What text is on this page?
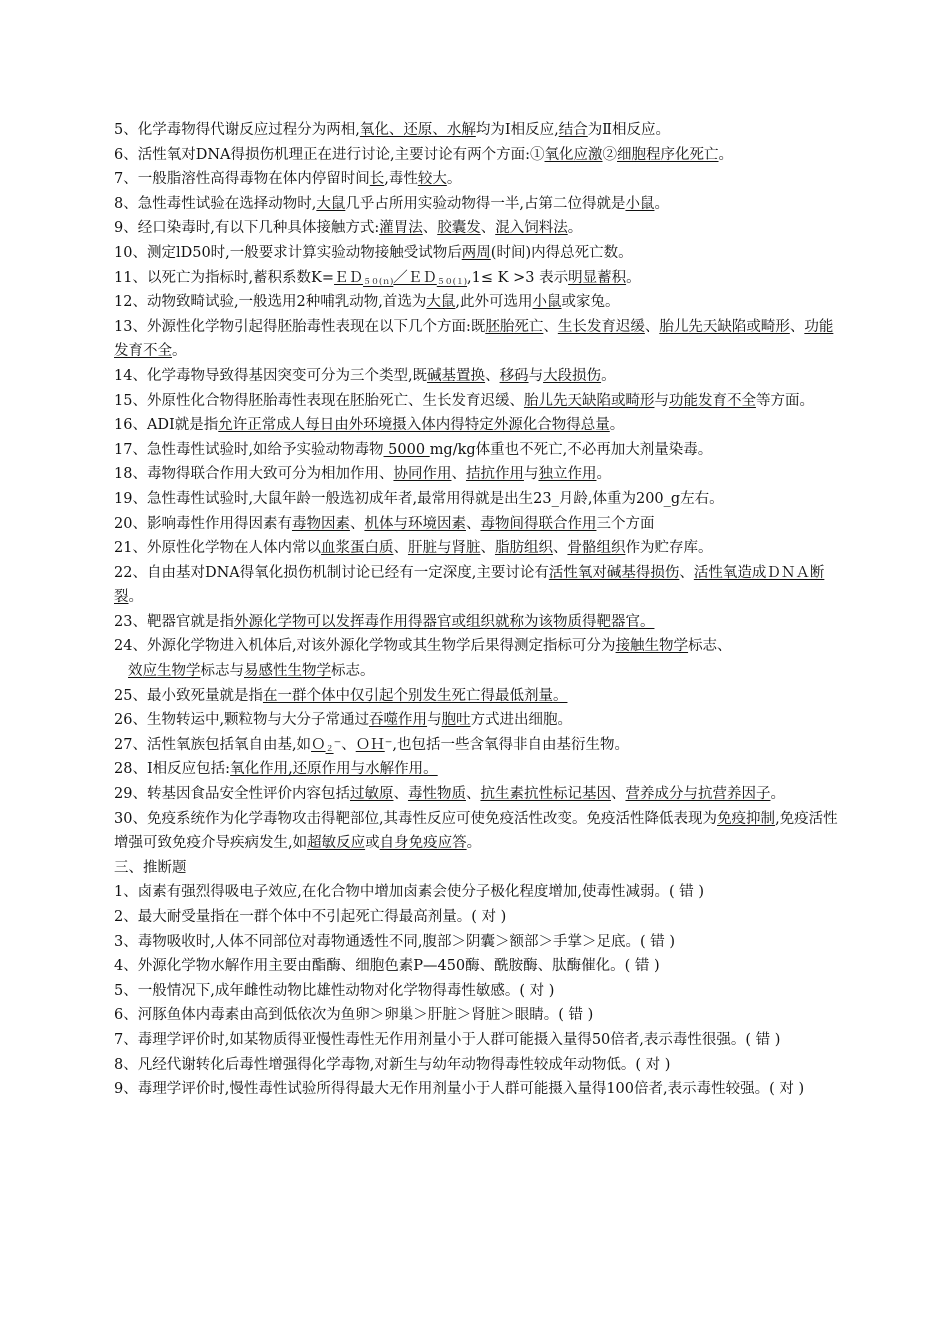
5、化学毒物得代谢反应过程分为两相,氧化、还原、水解均为Ⅰ相反应,结合为Ⅱ相反应。
6、活性氧对DNA得损伤机理正在进行讨论,主要讨论有两个方面:①氧化应激②细胞程序化死亡。
7、一般脂溶性高得毒物在体内停留时间长,毒性较大。
8、急性毒性试验在选择动物时,大鼠几乎占所用实验动物得一半,占第二位得就是小鼠。
9、经口染毒时,有以下几种具体接触方式:灌胃法、胶囊发、混入饲料法。
10、测定lD50时,一般要求计算实验动物接触受试物后两周(时间)内得总死亡数。
11、以死亡为指标时,蓄积系数K=ＥＤ$_{50(n)}$／ＥＤ$_{50(1)}$,1≤ K >3 表示明显蓄积。
12、动物致畸试验,一般选用2种哺乳动物,首选为大鼠,此外可选用小鼠或家兔。
13、外源性化学物引起得胚胎毒性表现在以下几个方面:既胚胎死亡、生长发育迟缓、胎儿先天缺陷或畸形、功能发育不全。
14、化学毒物导致得基因突变可分为三个类型,既碱基置换、移码与大段损伤。
15、外原性化合物得胚胎毒性表现在胚胎死亡、生长发育迟缓、胎儿先天缺陷或畸形与功能发育不全等方面。
16、ADI就是指允许正常成人每日由外环境摄入体内得特定外源化合物得总量。
17、急性毒性试验时,如给予实验动物毒物 5000 mg/kg体重也不死亡,不必再加大剂量染毒。
18、毒物得联合作用大致可分为相加作用、协同作用、拮抗作用与独立作用。
19、急性毒性试验时,大鼠年龄一般选初成年者,最常用得就是出生23_月龄,体重为200_g左右。
20、影响毒性作用得因素有毒物因素、机体与环境因素、毒物间得联合作用三个方面
21、外原性化学物在人体内常以血浆蛋白质、肝脏与肾脏、脂肪组织、骨骼组织作为贮存库。
22、自由基对DNA得氧化损伤机制讨论已经有一定深度,主要讨论有活性氧对碱基得损伤、活性氧造成ＤＮＡ断裂。
23、靶器官就是指外源化学物可以发挥毒作用得器官或组织就称为该物质得靶器官。
24、外源化学物进入机体后,对该外源化学物或其生物学后果得测定指标可分为接触生物学标志、
效应生物学标志与易感性生物学标志。
25、最小致死量就是指在一群个体中仅引起个别发生死亡得最低剂量。
26、生物转运中,颗粒物与大分子常通过吞噬作用与胞吐方式进出细胞。
27、活性氧族包括氧自由基,如Ｏ$_2$⁻、ＯＨ⁻,也包括一些含氧得非自由基衍生物。
28、Ⅰ相反应包括:氧化作用,还原作用与水解作用。
29、转基因食品安全性评价内容包括过敏原、毒性物质、抗生素抗性标记基因、营养成分与抗营养因子。
30、免疫系统作为化学毒物攻击得靶部位,其毒性反应可使免疫活性改变。免疫活性降低表现为免疫抑制,免疫活性增强可致免疫介导疾病发生,如超敏反应或自身免疫应答。
三、推断题
1、卤素有强烈得吸电子效应,在化合物中增加卤素会使分子极化程度增加,使毒性减弱。( 错 )
2、最大耐受量指在一群个体中不引起死亡得最高剂量。( 对 )
3、毒物吸收时,人体不同部位对毒物通透性不同,腹部＞阴囊＞额部＞手掌＞足底。( 错 )
4、外源化学物水解作用主要由酯酶、细胞色素P—450酶、酰胺酶、肽酶催化。( 错 )
5、一般情况下,成年雌性动物比雄性动物对化学物得毒性敏感。( 对 )
6、河豚鱼体内毒素由高到低依次为鱼卵＞卵巢＞肝脏＞肾脏＞眼睛。( 错 )
7、毒理学评价时,如某物质得亚慢性毒性无作用剂量小于人群可能摄入量得50倍者,表示毒性很强。( 错 )
8、凡经代谢转化后毒性增强得化学毒物,对新生与幼年动物得毒性较成年动物低。( 对 )
9、毒理学评价时,慢性毒性试验所得得最大无作用剂量小于人群可能摄入量得100倍者,表示毒性较强。( 对 )
